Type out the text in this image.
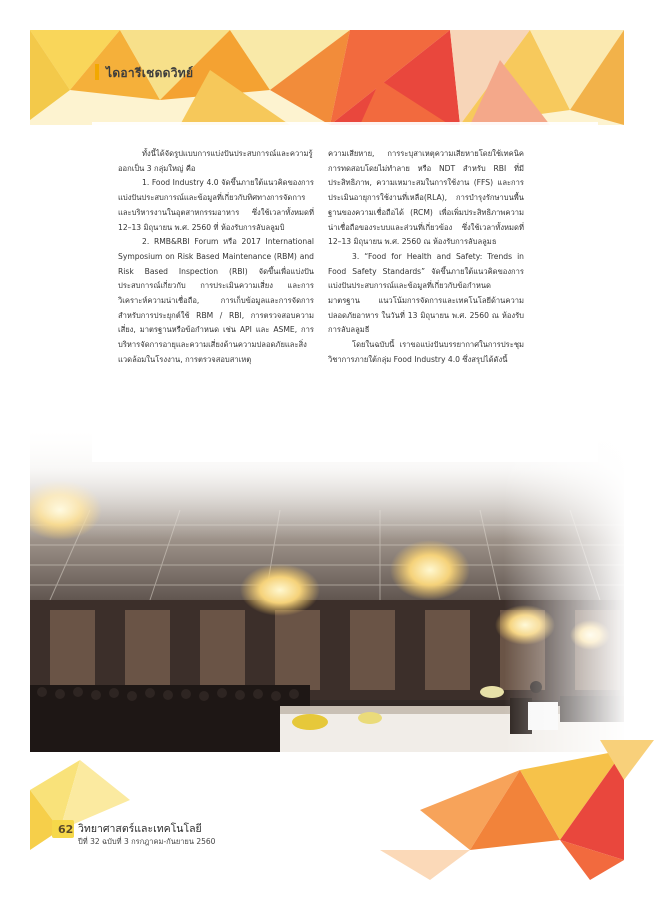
ไดอารีเชดดวิทย์

ทั้งนี้ได้จัดรูปแบบการแบ่งปันประสบการณ์และความรู้ ออกเป็น 3 กลุ่มใหญ่ คือ

1. Food Industry 4.0 จัดขึ้นภายใต้แนวคิดของการแบ่งปันประสบการณ์และข้อมูลที่เกี่ยวกับทิศทางการจัดการและบริหารงานในอุตสาหกรรมอาหาร ซึ่งใช้เวลาทั้งหมดที่ 12–13 มิถุนายน พ.ศ. 2560 ที่ ห้องรับการลับลลูมบิ

2. RMB&RBI Forum หรือ 2017 International Symposium on Risk Based Maintenance (RBM) and Risk Based Inspection (RBI) จัดขึ้นเพื่อแบ่งปันประสบการณ์เกี่ยวกับ การประเมินความเสี่ยง และการวิเคราะห์ความน่าเชื่อถือ, การเก็บข้อมูลและการจัดการสำหรับการประยุกต์ใช้ RBM / RBI, การตรวจสอบความเสี่ยง, มาตรฐานหรือข้อกำหนด เช่น API และ ASME, การบริหารจัดการอายุและความเสี่ยงด้านความปลอดภัยและสิ่งแวดล้อมในโรงงาน, การตรวจสอบสาเหตุ

ความเสียหาย, การระบุสาเหตุความเสียหายโดยใช้เทคนิค การทดสอบโดยไม่ทำลาย หรือ NDT สำหรับ RBI ที่มีประสิทธิภาพ, ความเหมาะสมในการใช้งาน (FFS) และการประเมินอายุการใช้งานที่เหลือ(RLA), การบำรุงรักษาบนพื้นฐานของความเชื่อถือได้ (RCM) เพื่อเพิ่มประสิทธิภาพความน่าเชื่อถือของระบบและส่วนที่เกี่ยวข้อง ซึ่งใช้เวลาทั้งหมดที่ 12–13 มิถุนายน พ.ศ. 2560 ณ ห้องรับการลับลลูมธ

3. “Food for Health and Safety: Trends in Food Safety Standards” จัดขึ้นภายใต้แนวคิดของการแบ่งปันประสบการณ์และข้อมูลที่เกี่ยวกับข้อกำหนด มาตรฐาน แนวโน้มการจัดการและเทคโนโลยีด้านความปลอดภัยอาหาร ในวันที่ 13 มิถุนายน พ.ศ. 2560 ณ ห้องรับการลับลลูมธี

โดยในฉบับนี้ เราขอแบ่งปันบรรยากาศในการประชุมวิชาการภายใต้กลุ่ม Food Industry 4.0 ซึ่งสรุปได้ดังนี้

62 วิทยาศาสตร์และเทคโนโลยี
ปีที่ 32 ฉบับที่ 3 กรกฎาคม-กันยายน 2560
